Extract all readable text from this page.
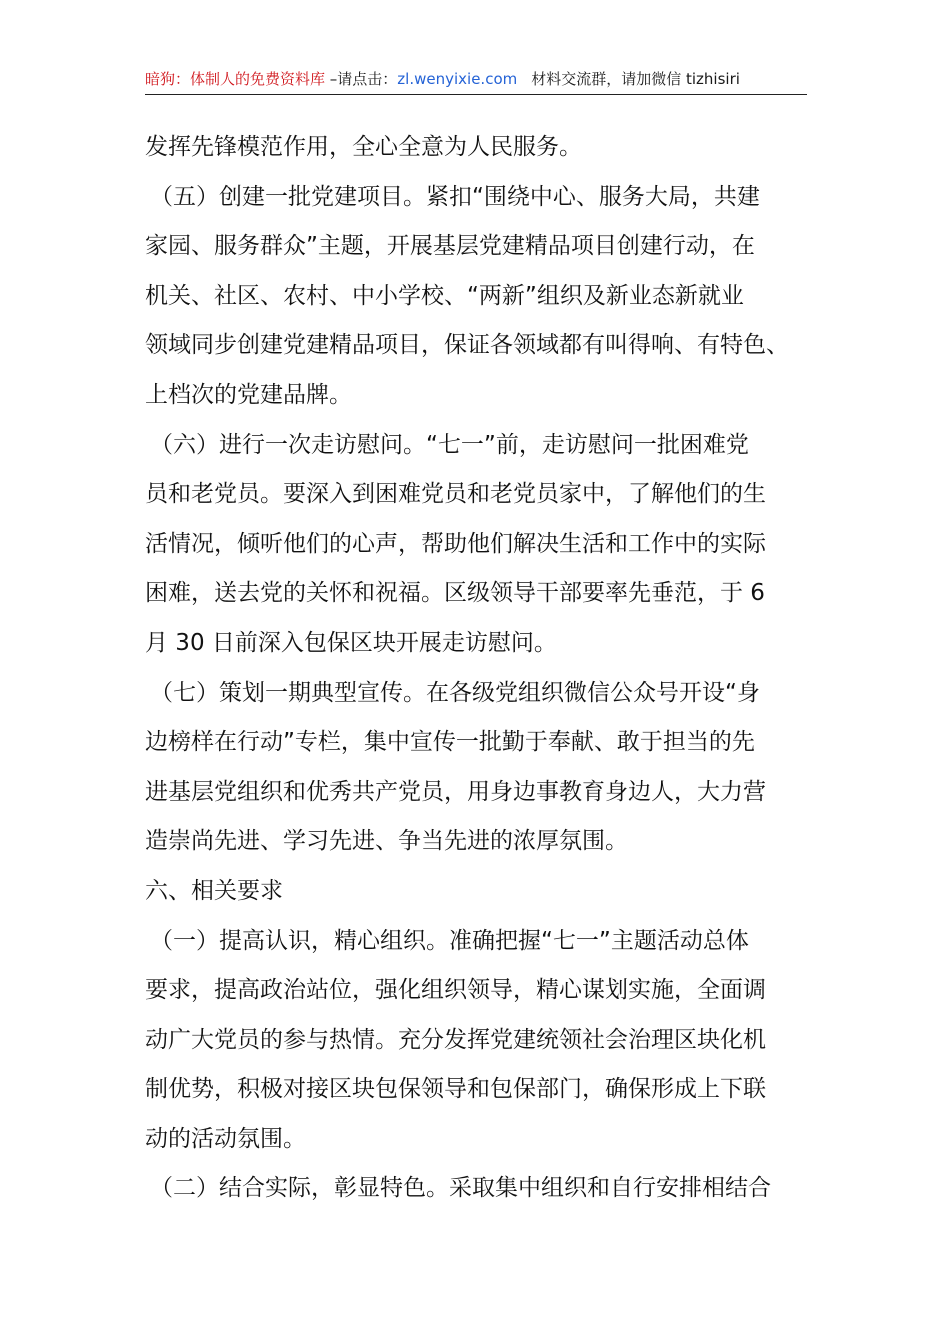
暗狗：体制人的免费资料库 –请点击：zl.wenyixie.com 材料交流群，请加微信 tizhisiri
发挥先锋模范作用，全心全意为人民服务。
（五）创建一批党建项目。紧扣“围绕中心、服务大局，共建
家园、服务群众”主题，开展基层党建精品项目创建行动，在
机关、社区、农村、中小学校、“两新”组织及新业态新就业
领域同步创建党建精品项目，保证各领域都有叫得响、有特色、
上档次的党建品牌。
（六）进行一次走访慰问。“七一”前，走访慰问一批困难党
员和老党员。要深入到困难党员和老党员家中，了解他们的生
活情况，倾听他们的心声，帮助他们解决生活和工作中的实际
困难，送去党的关怀和祝福。区级领导干部要率先垂范，于 6
月 30 日前深入包保区块开展走访慰问。
（七）策划一期典型宣传。在各级党组织微信公众号开设“身
边榜样在行动”专栏，集中宣传一批勤于奉献、敢于担当的先
进基层党组织和优秀共产党员，用身边事教育身边人，大力营
造崇尚先进、学习先进、争当先进的浓厚氛围。
六、相关要求
（一）提高认识，精心组织。准确把握“七一”主题活动总体
要求，提高政治站位，强化组织领导，精心谋划实施，全面调
动广大党员的参与热情。充分发挥党建统领社会治理区块化机
制优势，积极对接区块包保领导和包保部门，确保形成上下联
动的活动氛围。
（二）结合实际，彰显特色。采取集中组织和自行安排相结合
